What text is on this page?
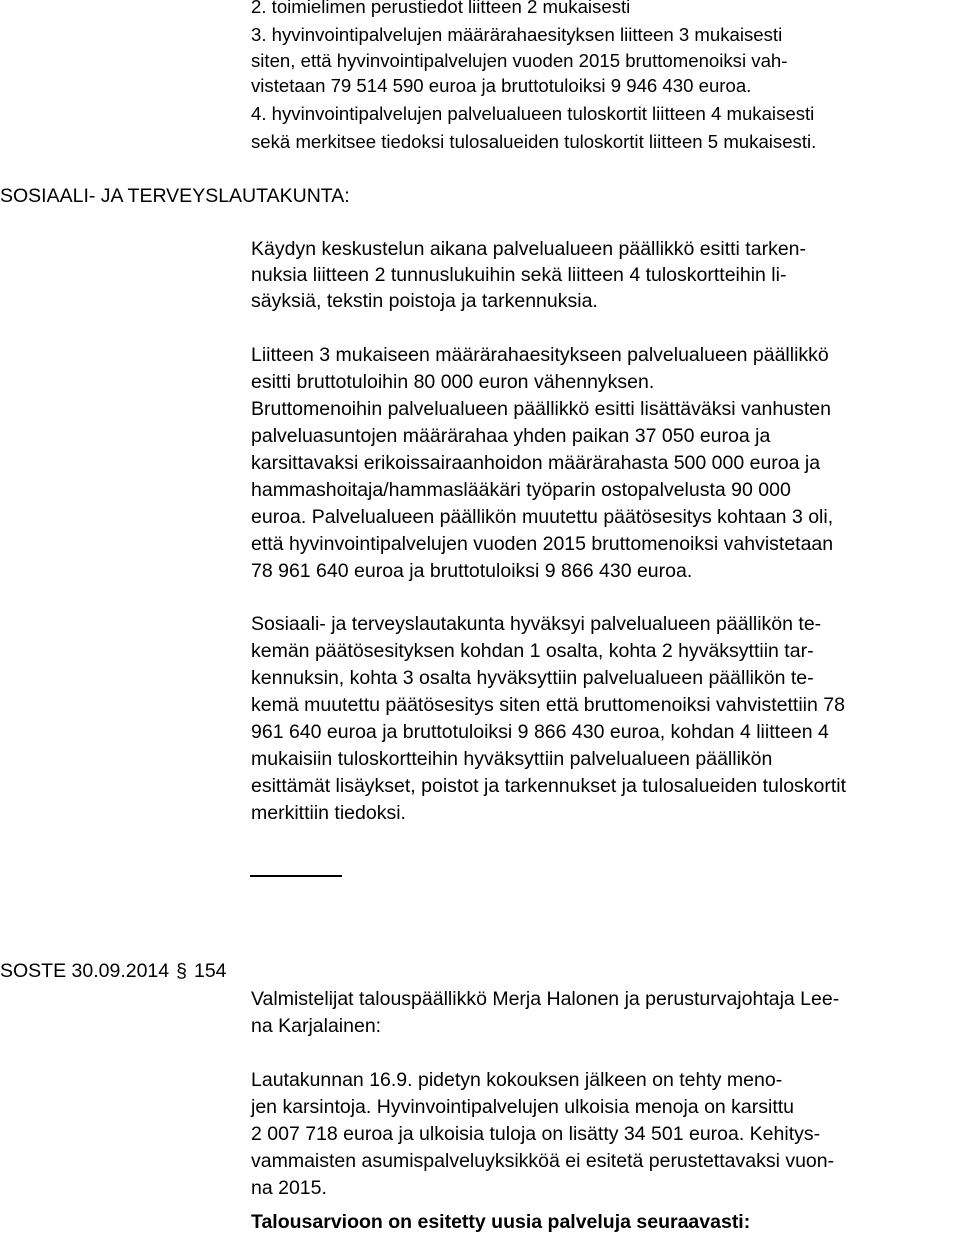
2. toimielimen perustiedot liitteen 2 mukaisesti

3. hyvinvointipalvelujen määrärahaesityksen liitteen 3 mukaisesti

siten, että hyvinvointipalvelujen vuoden 2015 bruttomenoiksi vah-

vistetaan 79 514 590 euroa ja bruttotuloiksi 9 946 430 euroa.

4. hyvinvointipalvelujen palvelualueen tuloskortit liitteen 4 mukaisesti

sekä merkitsee tiedoksi tulosalueiden tuloskortit liitteen 5 mukaisesti.

SOSIAALI- JA TERVEYSLAUTAKUNTA:

Käydyn keskustelun aikana palvelualueen päällikkö esitti tarken-

nuksia liitteen 2 tunnuslukuihin sekä liitteen 4 tuloskortteihin li-

säyksiä, tekstin poistoja ja tarkennuksia.

Liitteen 3 mukaiseen määrärahaesitykseen palvelualueen päällikkö

esitti bruttotuloihin 80 000 euron vähennyksen.

Bruttomenoihin palvelualueen päällikkö esitti lisättäväksi vanhusten

palveluasuntojen määrärahaa yhden paikan 37 050 euroa ja

karsittavaksi erikoissairaanhoidon määrärahasta 500 000 euroa ja

hammashoitaja/hammaslääkäri työparin ostopalvelusta 90 000

euroa. Palvelualueen päällikön muutettu päätösesitys kohtaan 3 oli,

että hyvinvointipalvelujen vuoden 2015 bruttomenoiksi vahvistetaan

78 961 640 euroa ja bruttotuloiksi 9 866 430 euroa.

Sosiaali- ja terveyslautakunta hyväksyi palvelualueen päällikön te-

kemän päätösesityksen kohdan 1 osalta, kohta 2 hyväksyttiin tar-

kennuksin, kohta 3 osalta hyväksyttiin palvelualueen päällikön te-

kemä muutettu päätösesitys siten että bruttomenoiksi vahvistettiin 78

961 640 euroa ja bruttotuloiksi 9 866 430 euroa, kohdan 4 liitteen 4

mukaisiin tuloskortteihin hyväksyttiin palvelualueen päällikön

esittämät lisäykset, poistot ja tarkennukset ja tulosalueiden tuloskortit

merkittiin tiedoksi.

SOSTE 30.09.2014 § 154

Valmistelijat talouspäällikkö Merja Halonen ja perusturvajohtaja Lee-

na Karjalainen:

Lautakunnan 16.9. pidetyn kokouksen jälkeen on tehty meno-

jen karsintoja. Hyvinvointipalvelujen ulkoisia menoja on karsittu

2 007 718 euroa ja ulkoisia tuloja on lisätty 34 501 euroa. Kehitys-

vammaisten asumispalveluyksikköä ei esitetä perustettavaksi vuon-

na 2015.

Talousarvioon on esitetty uusia palveluja seuraavasti:
